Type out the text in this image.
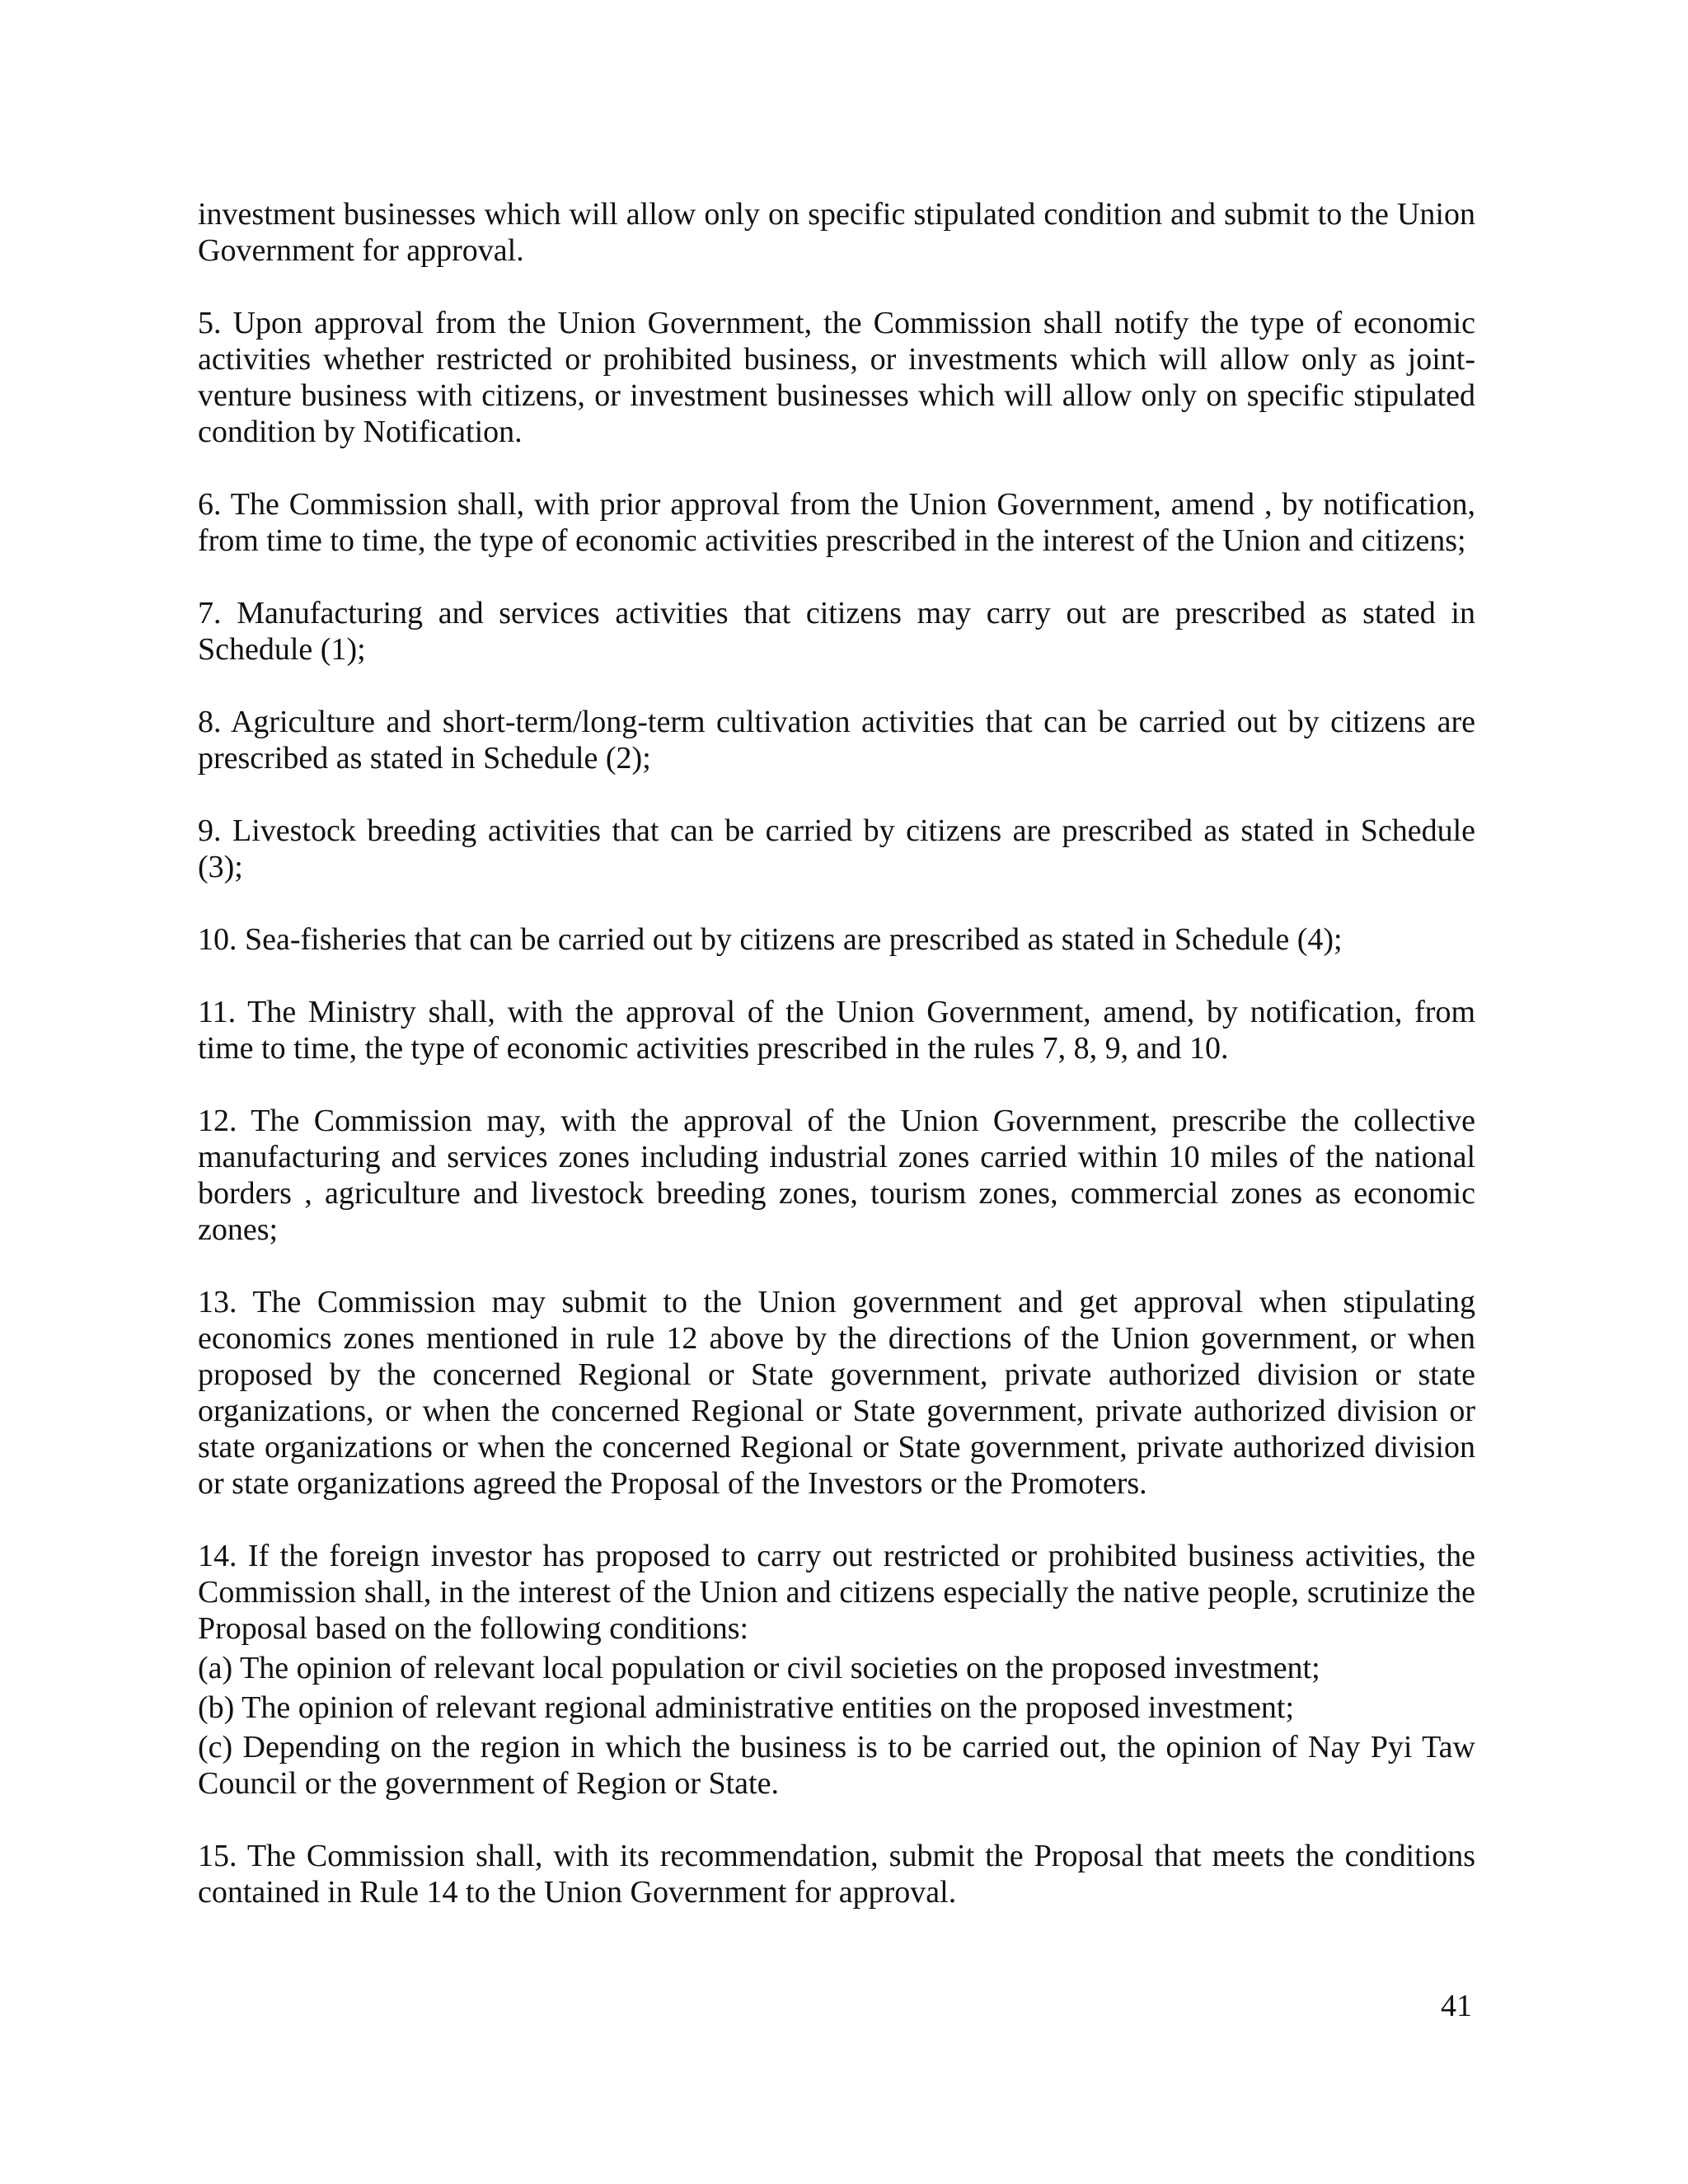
investment businesses which will allow only on specific stipulated condition and submit to the Union Government for approval.

5. Upon approval from the Union Government, the Commission shall notify the type of economic activities whether restricted or prohibited business, or investments which will allow only as joint-venture business with citizens, or investment businesses which will allow only on specific stipulated condition by Notification.

6. The Commission shall, with prior approval from the Union Government, amend , by notification, from time to time, the type of economic activities prescribed in the interest of the Union and citizens;

7. Manufacturing and services activities that citizens may carry out are prescribed as stated in Schedule (1);

8. Agriculture and short-term/long-term cultivation activities that can be carried out by citizens are prescribed as stated in Schedule (2);

9. Livestock breeding activities that can be carried by citizens are prescribed as stated in Schedule (3);

10. Sea-fisheries that can be carried out by citizens are prescribed as stated in Schedule (4);

11. The Ministry shall, with the approval of the Union Government, amend, by notification, from time to time, the type of economic activities prescribed in the rules 7, 8, 9, and 10.

12. The Commission may, with the approval of the Union Government, prescribe the collective manufacturing and services zones including industrial zones carried within 10 miles of the national borders , agriculture and livestock breeding zones, tourism zones, commercial zones as economic zones;

13. The Commission may submit to the Union government and get approval when stipulating economics zones mentioned in rule 12 above by the directions of the Union government, or when proposed by the concerned Regional or State government, private authorized division or state organizations, or when the concerned Regional or State government, private authorized division or state organizations or when the concerned Regional or State government, private authorized division or state organizations agreed the Proposal of the Investors or the Promoters.

14. If the foreign investor has proposed to carry out restricted or prohibited business activities, the Commission shall, in the interest of the Union and citizens especially the native people, scrutinize the Proposal based on the following conditions:

(a) The opinion of relevant local population or civil societies on the proposed investment;

(b) The opinion of relevant regional administrative entities on the proposed investment;

(c) Depending on the region in which the business is to be carried out, the opinion of Nay Pyi Taw Council or the government of Region or State.

15. The Commission shall, with its recommendation, submit the Proposal that meets the conditions contained in Rule 14 to the Union Government for approval.

41
